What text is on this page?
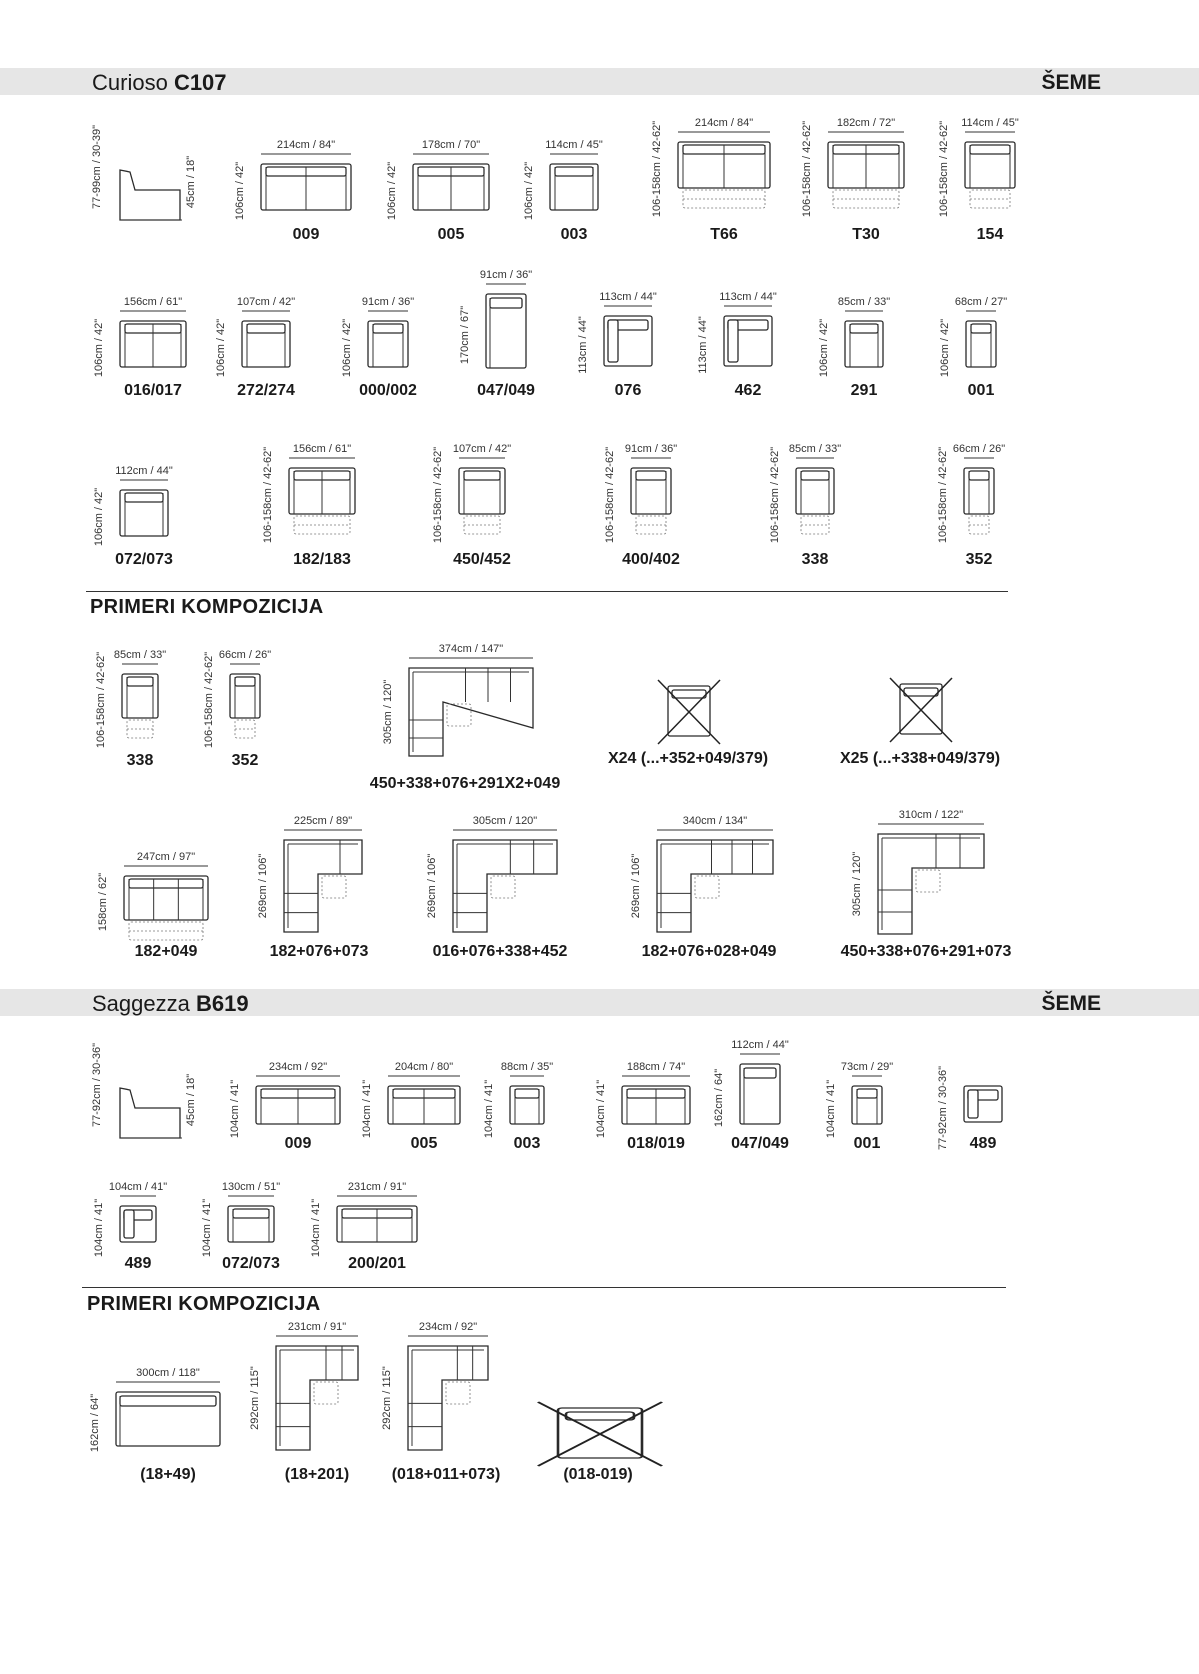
Curioso C107	ŠEME
77-99cm / 30-39"	45cm / 18"
214cm / 84"
106cm / 42"
009
178cm / 70"
106cm / 42"
005
114cm / 45"
106cm / 42"
003
214cm / 84"
106-158cm / 42-62"
T66
182cm / 72"
106-158cm / 42-62"
T30
114cm / 45"
106-158cm / 42-62"
154
156cm / 61"
106cm / 42"
016/017
107cm / 42"
106cm / 42"
272/274
91cm / 36"
106cm / 42"
000/002
91cm / 36"
170cm / 67"
047/049
113cm / 44"
113cm / 44"
076
113cm / 44"
113cm / 44"
462
85cm / 33"
106cm / 42"
291
68cm / 27"
106cm / 42"
001
112cm / 44"
106cm / 42"
072/073
156cm / 61"
106-158cm / 42-62"
182/183
107cm / 42"
106-158cm / 42-62"
450/452
91cm / 36"
106-158cm / 42-62"
400/402
85cm / 33"
106-158cm / 42-62"
338
66cm / 26"
106-158cm / 42-62"
352
85cm / 33"
106-158cm / 42-62"
338
66cm / 26"
106-158cm / 42-62"
352
374cm / 147"
305cm / 120"
450+338+076+291X2+049
X24 (...+352+049/379)	X25 (...+338+049/379)
247cm / 97"
158cm / 62"
182+049
225cm / 89"
269cm / 106"
182+076+073
305cm / 120"
269cm / 106"
016+076+338+452
340cm / 134"
269cm / 106"
182+076+028+049
310cm / 122"
305cm / 120"
450+338+076+291+073
PRIMERI KOMPOZICIJA
Saggezza B619	ŠEME
PRIMERI KOMPOZICIJA
77-92cm / 30-36"	45cm / 18"
234cm / 92"
104cm / 41"
009
204cm / 80"
104cm / 41"
005
88cm / 35"
104cm / 41"
003
188cm / 74"
104cm / 41"
018/019
112cm / 44"
162cm / 64"
047/049
73cm / 29"
104cm / 41"
001	77-92cm / 30-36" 489
104cm / 41"
104cm / 41"
489
130cm / 51"
104cm / 41"
072/073
231cm / 91"
104cm / 41"
200/201
300cm / 118"
162cm / 64"
(18+49)
231cm / 91"
292cm / 115"
(18+201)
234cm / 92"
292cm / 115"
(018+011+073)	(018-019)
